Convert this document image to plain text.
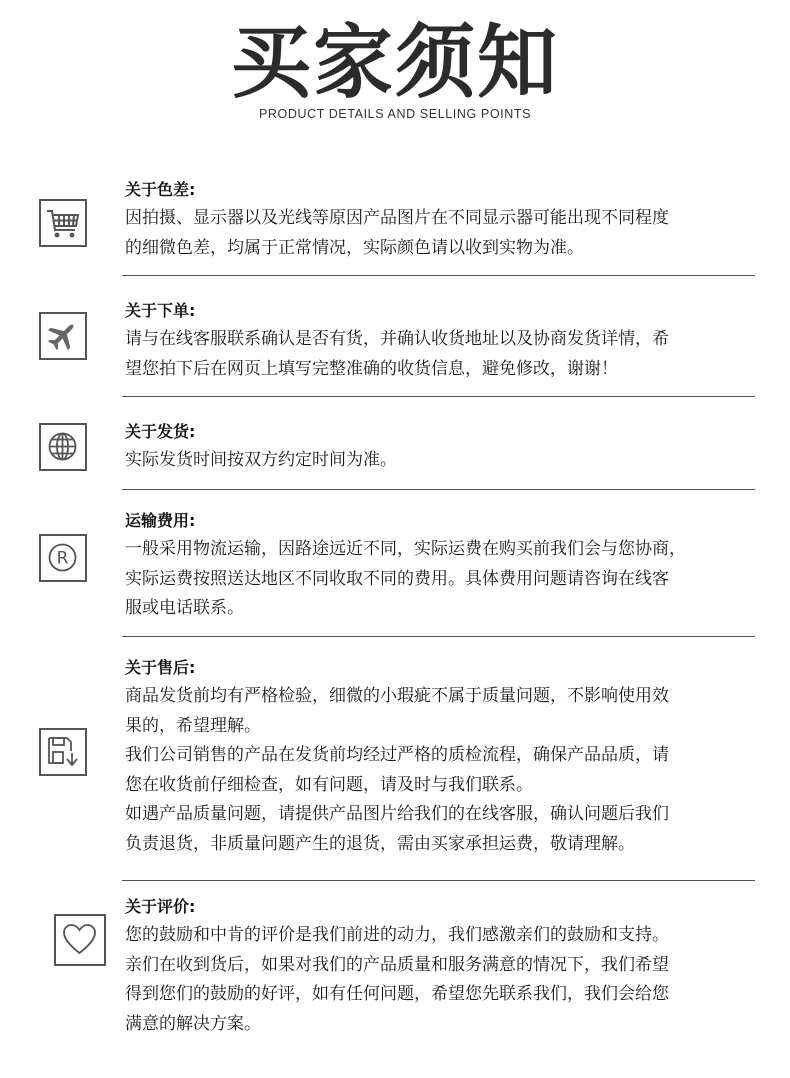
买家须知
PRODUCT DETAILS AND SELLING POINTS
关于色差:

因拍摄、显示器以及光线等原因产品图片在不同显示器可能出现不同程度

的细微色差，均属于正常情况，实际颜色请以收到实物为准。

关于下单:

请与在线客服联系确认是否有货，并确认收货地址以及协商发货详情，希

望您拍下后在网页上填写完整准确的收货信息，避免修改，谢谢！

关于发货:

实际发货时间按双方约定时间为准。

R
运输费用:

一般采用物流运输，因路途远近不同，实际运费在购买前我们会与您协商，

实际运费按照送达地区不同收取不同的费用。具体费用问题请咨询在线客

服或电话联系。

关于售后:

商品发货前均有严格检验，细微的小瑕疵不属于质量问题，不影响使用效

果的，希望理解。

我们公司销售的产品在发货前均经过严格的质检流程，确保产品品质，请

您在收货前仔细检查，如有问题，请及时与我们联系。

如遇产品质量问题，请提供产品图片给我们的在线客服，确认问题后我们

负责退货，非质量问题产生的退货，需由买家承担运费，敬请理解。

关于评价:

您的鼓励和中肯的评价是我们前进的动力，我们感激亲们的鼓励和支持。

亲们在收到货后，如果对我们的产品质量和服务满意的情况下，我们希望

得到您们的鼓励的好评，如有任何问题，希望您先联系我们，我们会给您

满意的解决方案。
